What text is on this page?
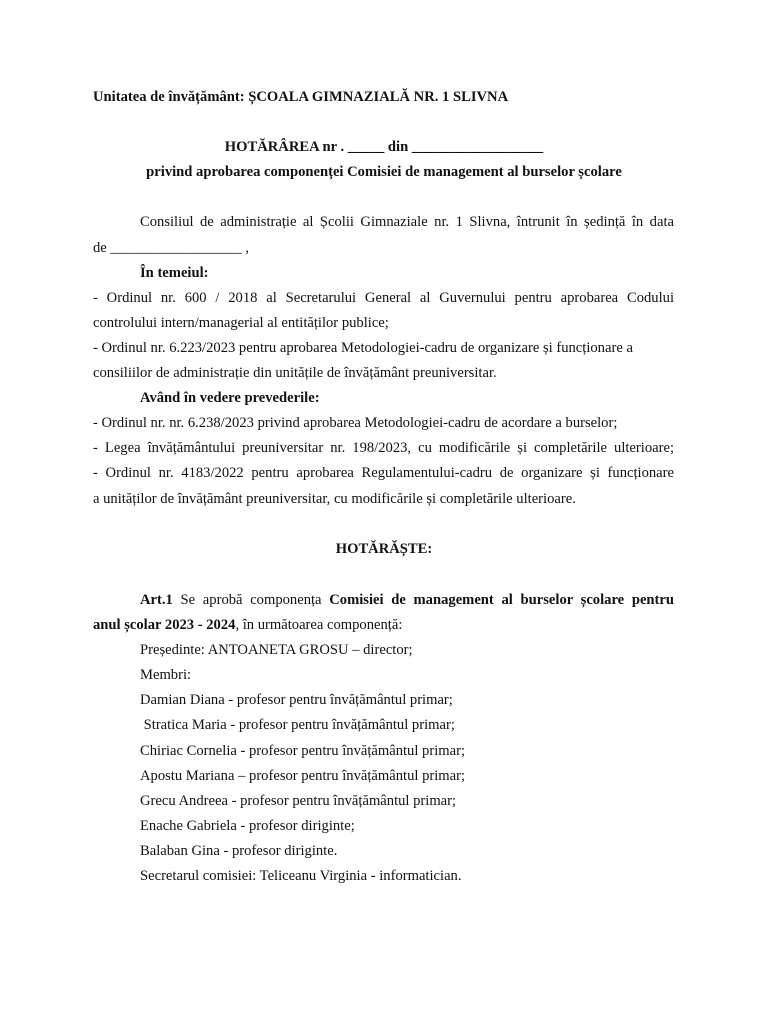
Unitatea de învățământ: ȘCOALA GIMNAZIALĂ NR. 1 SLIVNA
HOTĂRÂREA nr . _____ din __________________
privind aprobarea componenței Comisiei de management al burselor școlare
Consiliul de administrație al Școlii Gimnaziale nr. 1 Slivna, întrunit în ședință în data
de __________________ ,
În temeiul:
- Ordinul nr. 600 / 2018 al Secretarului General al Guvernului pentru aprobarea Codului
controlului intern/managerial al entităților publice;
- Ordinul nr. 6.223/2023 pentru aprobarea Metodologiei-cadru de organizare și funcționare a
consiliilor de administrație din unitățile de învățământ preuniversitar.
Având în vedere prevederile:
- Ordinul nr. nr. 6.238/2023 privind aprobarea Metodologiei-cadru de acordare a burselor;
- Legea învățământului preuniversitar nr. 198/2023, cu modificările și completările ulterioare;
- Ordinul nr. 4183/2022 pentru aprobarea Regulamentului-cadru de organizare și funcționare
a unităților de învățământ preuniversitar, cu modificările și completările ulterioare.
HOTĂRĂȘTE:
Art.1 Se aprobă componența Comisiei de management al burselor școlare pentru
anul școlar 2023 - 2024, în următoarea componență:
Președinte: ANTOANETA GROSU – director;
Membri:
Damian Diana - profesor pentru învățământul primar;
Stratica Maria - profesor pentru învățământul primar;
Chiriac Cornelia - profesor pentru învățământul primar;
Apostu Mariana – profesor pentru învățământul primar;
Grecu Andreea - profesor pentru învățământul primar;
Enache Gabriela - profesor diriginte;
Balaban Gina - profesor diriginte.
Secretarul comisiei: Teliceanu Virginia - informatician.
